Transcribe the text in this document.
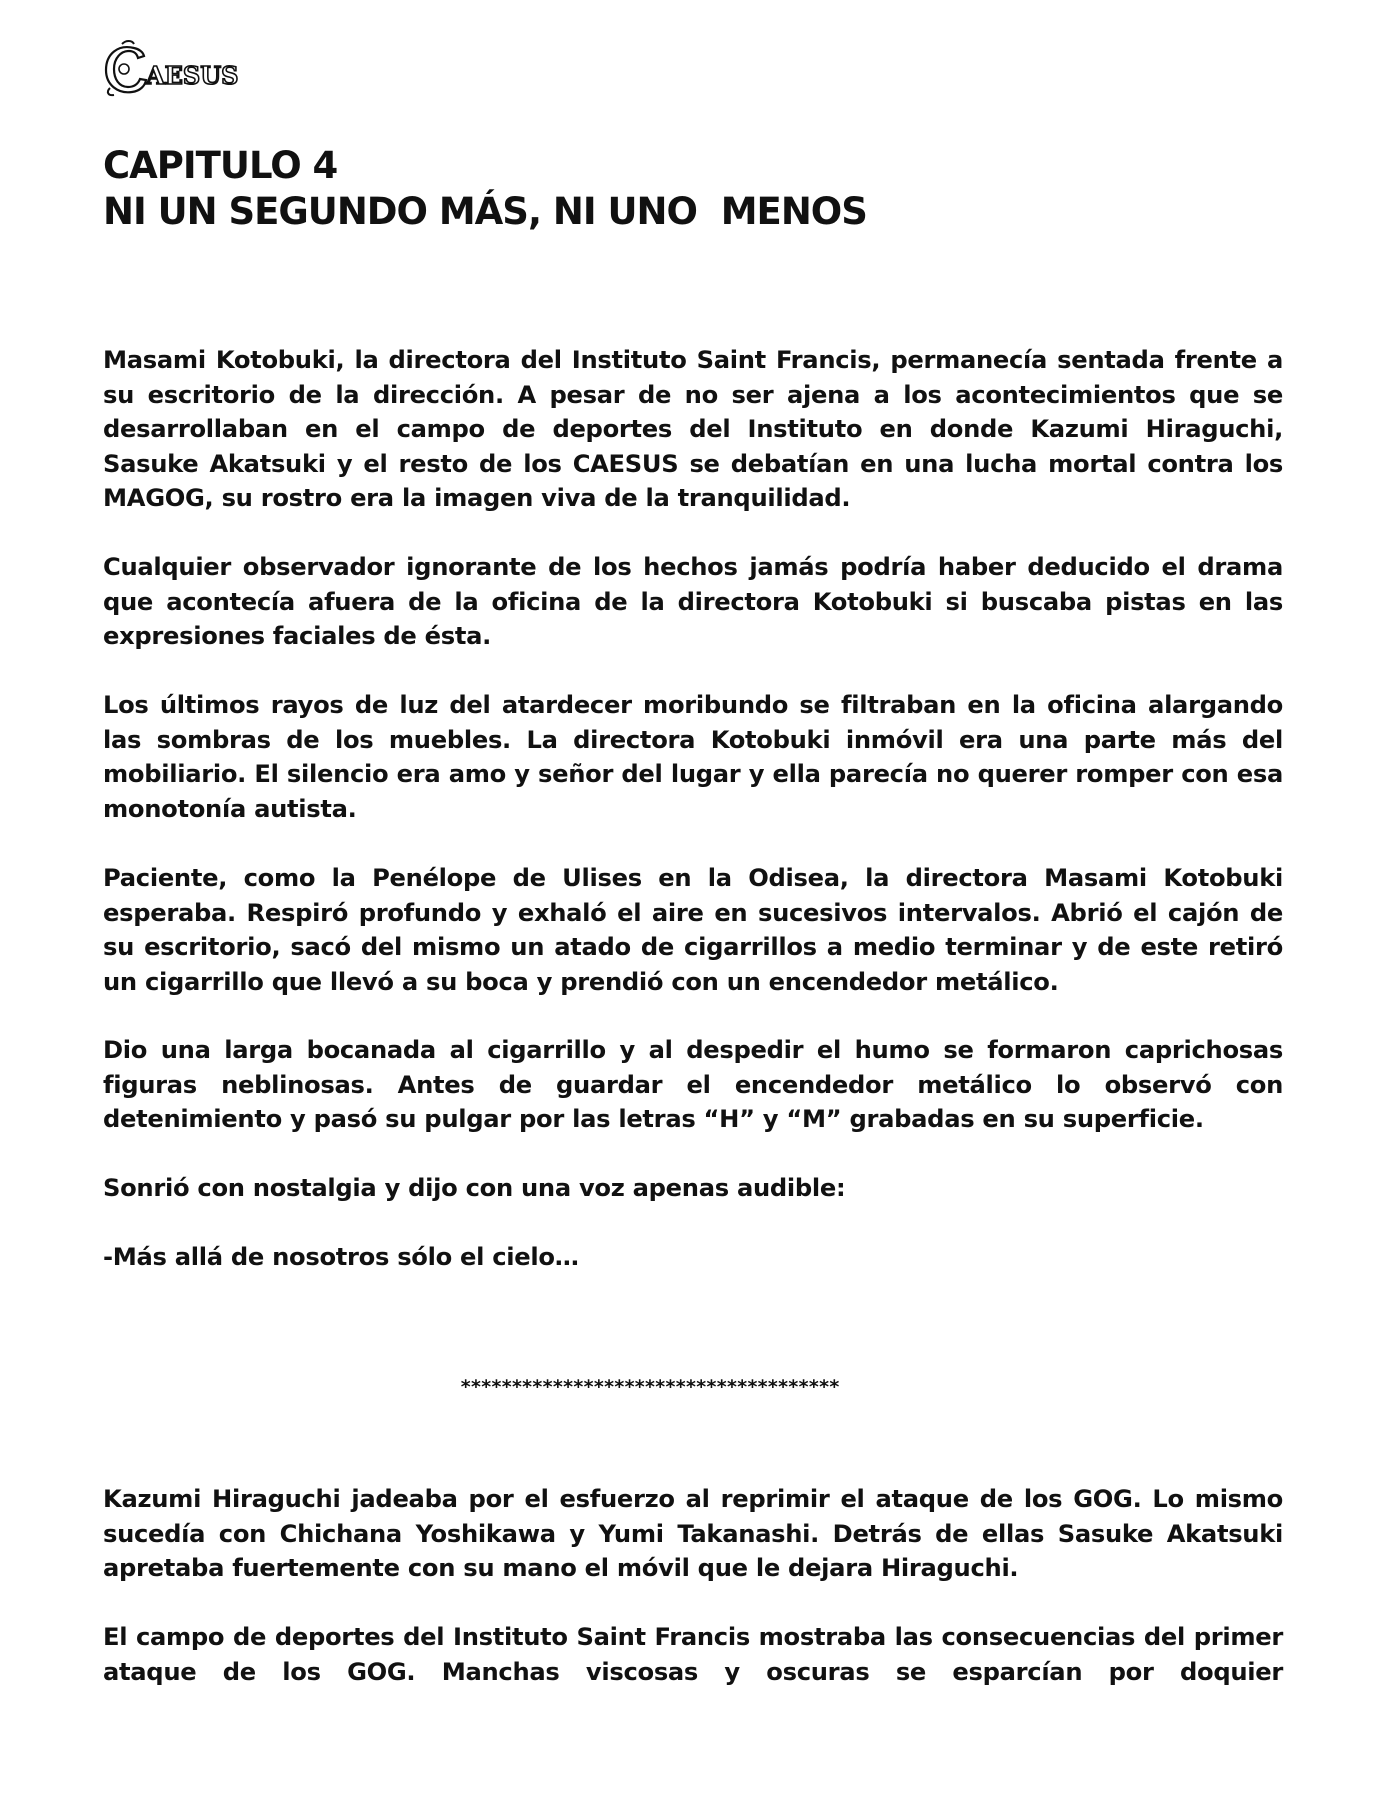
AESUS
CAPITULO 4
NI UN SEGUNDO MÁS, NI UNO  MENOS

Masami Kotobuki, la directora del Instituto Saint Francis, permanecía sentada frente a su escritorio de la dirección. A pesar de no ser ajena a los acontecimientos que se desarrollaban en el campo de deportes del Instituto en donde Kazumi Hiraguchi, Sasuke Akatsuki y el resto de los CAESUS se debatían en una lucha mortal contra los MAGOG, su rostro era la imagen viva de la tranquilidad.

Cualquier observador ignorante de los hechos jamás podría haber deducido el drama que acontecía afuera de la oficina de la directora Kotobuki si buscaba pistas en las expresiones faciales de ésta.

Los últimos rayos de luz del atardecer moribundo se filtraban en la oficina alargando las sombras de los muebles. La directora Kotobuki inmóvil era una parte más del mobiliario. El silencio era amo y señor del lugar y ella parecía no querer romper con esa monotonía autista.

Paciente, como la Penélope de Ulises en la Odisea, la directora Masami Kotobuki esperaba. Respiró profundo y exhaló el aire en sucesivos intervalos. Abrió el cajón de su escritorio, sacó del mismo un atado de cigarrillos a medio terminar y de este retiró un cigarrillo que llevó a su boca y prendió con un encendedor metálico.

Dio una larga bocanada al cigarrillo y al despedir el humo se formaron caprichosas figuras neblinosas. Antes de guardar el encendedor metálico lo observó con detenimiento y pasó su pulgar por las letras “H” y “M” grabadas en su superficie.

Sonrió con nostalgia y dijo con una voz apenas audible:

-Más allá de nosotros sólo el cielo…

*************************************

Kazumi Hiraguchi jadeaba por el esfuerzo al reprimir el ataque de los GOG. Lo mismo sucedía con Chichana Yoshikawa y Yumi Takanashi. Detrás de ellas Sasuke Akatsuki apretaba fuertemente con su mano el móvil que le dejara Hiraguchi.

El campo de deportes del Instituto Saint Francis mostraba las consecuencias del primer ataque de los GOG. Manchas viscosas y oscuras se esparcían por doquier
